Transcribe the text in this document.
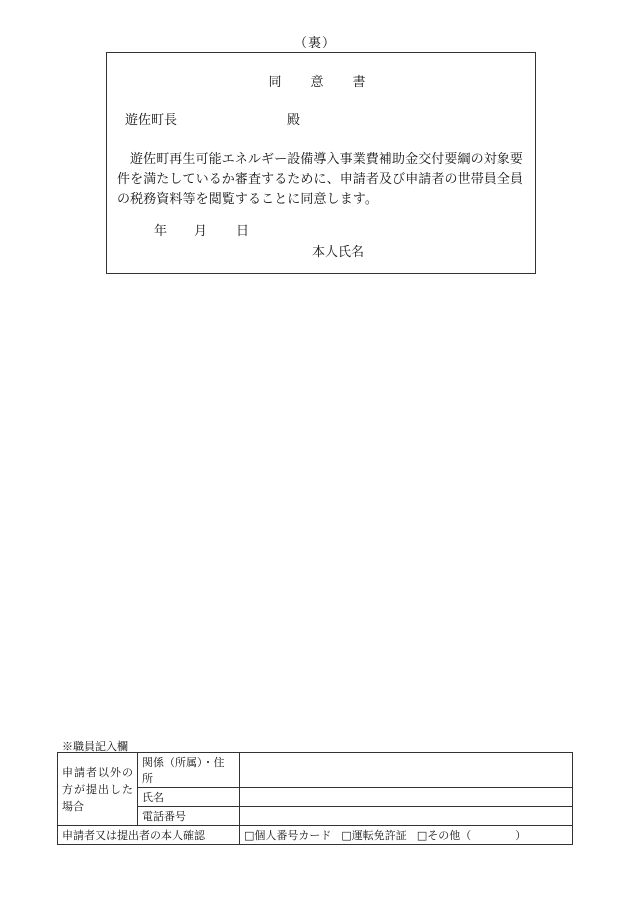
（裏）
同　意　書
遊佐町長	殿
遊佐町再生可能エネルギー設備導入事業費補助金交付要綱の対象要件を満たしているか審査するために、申請者及び申請者の世帯員全員の税務資料等を閲覧することに同意します。
年 月 日
本人氏名
※職員記入欄
申請者以外の方が提出した場合	関係（所属）・住所	
	氏名	
	電話番号	
申請者又は提出者の本人確認		□個人番号カード □運転免許証 □その他（　　　　）
